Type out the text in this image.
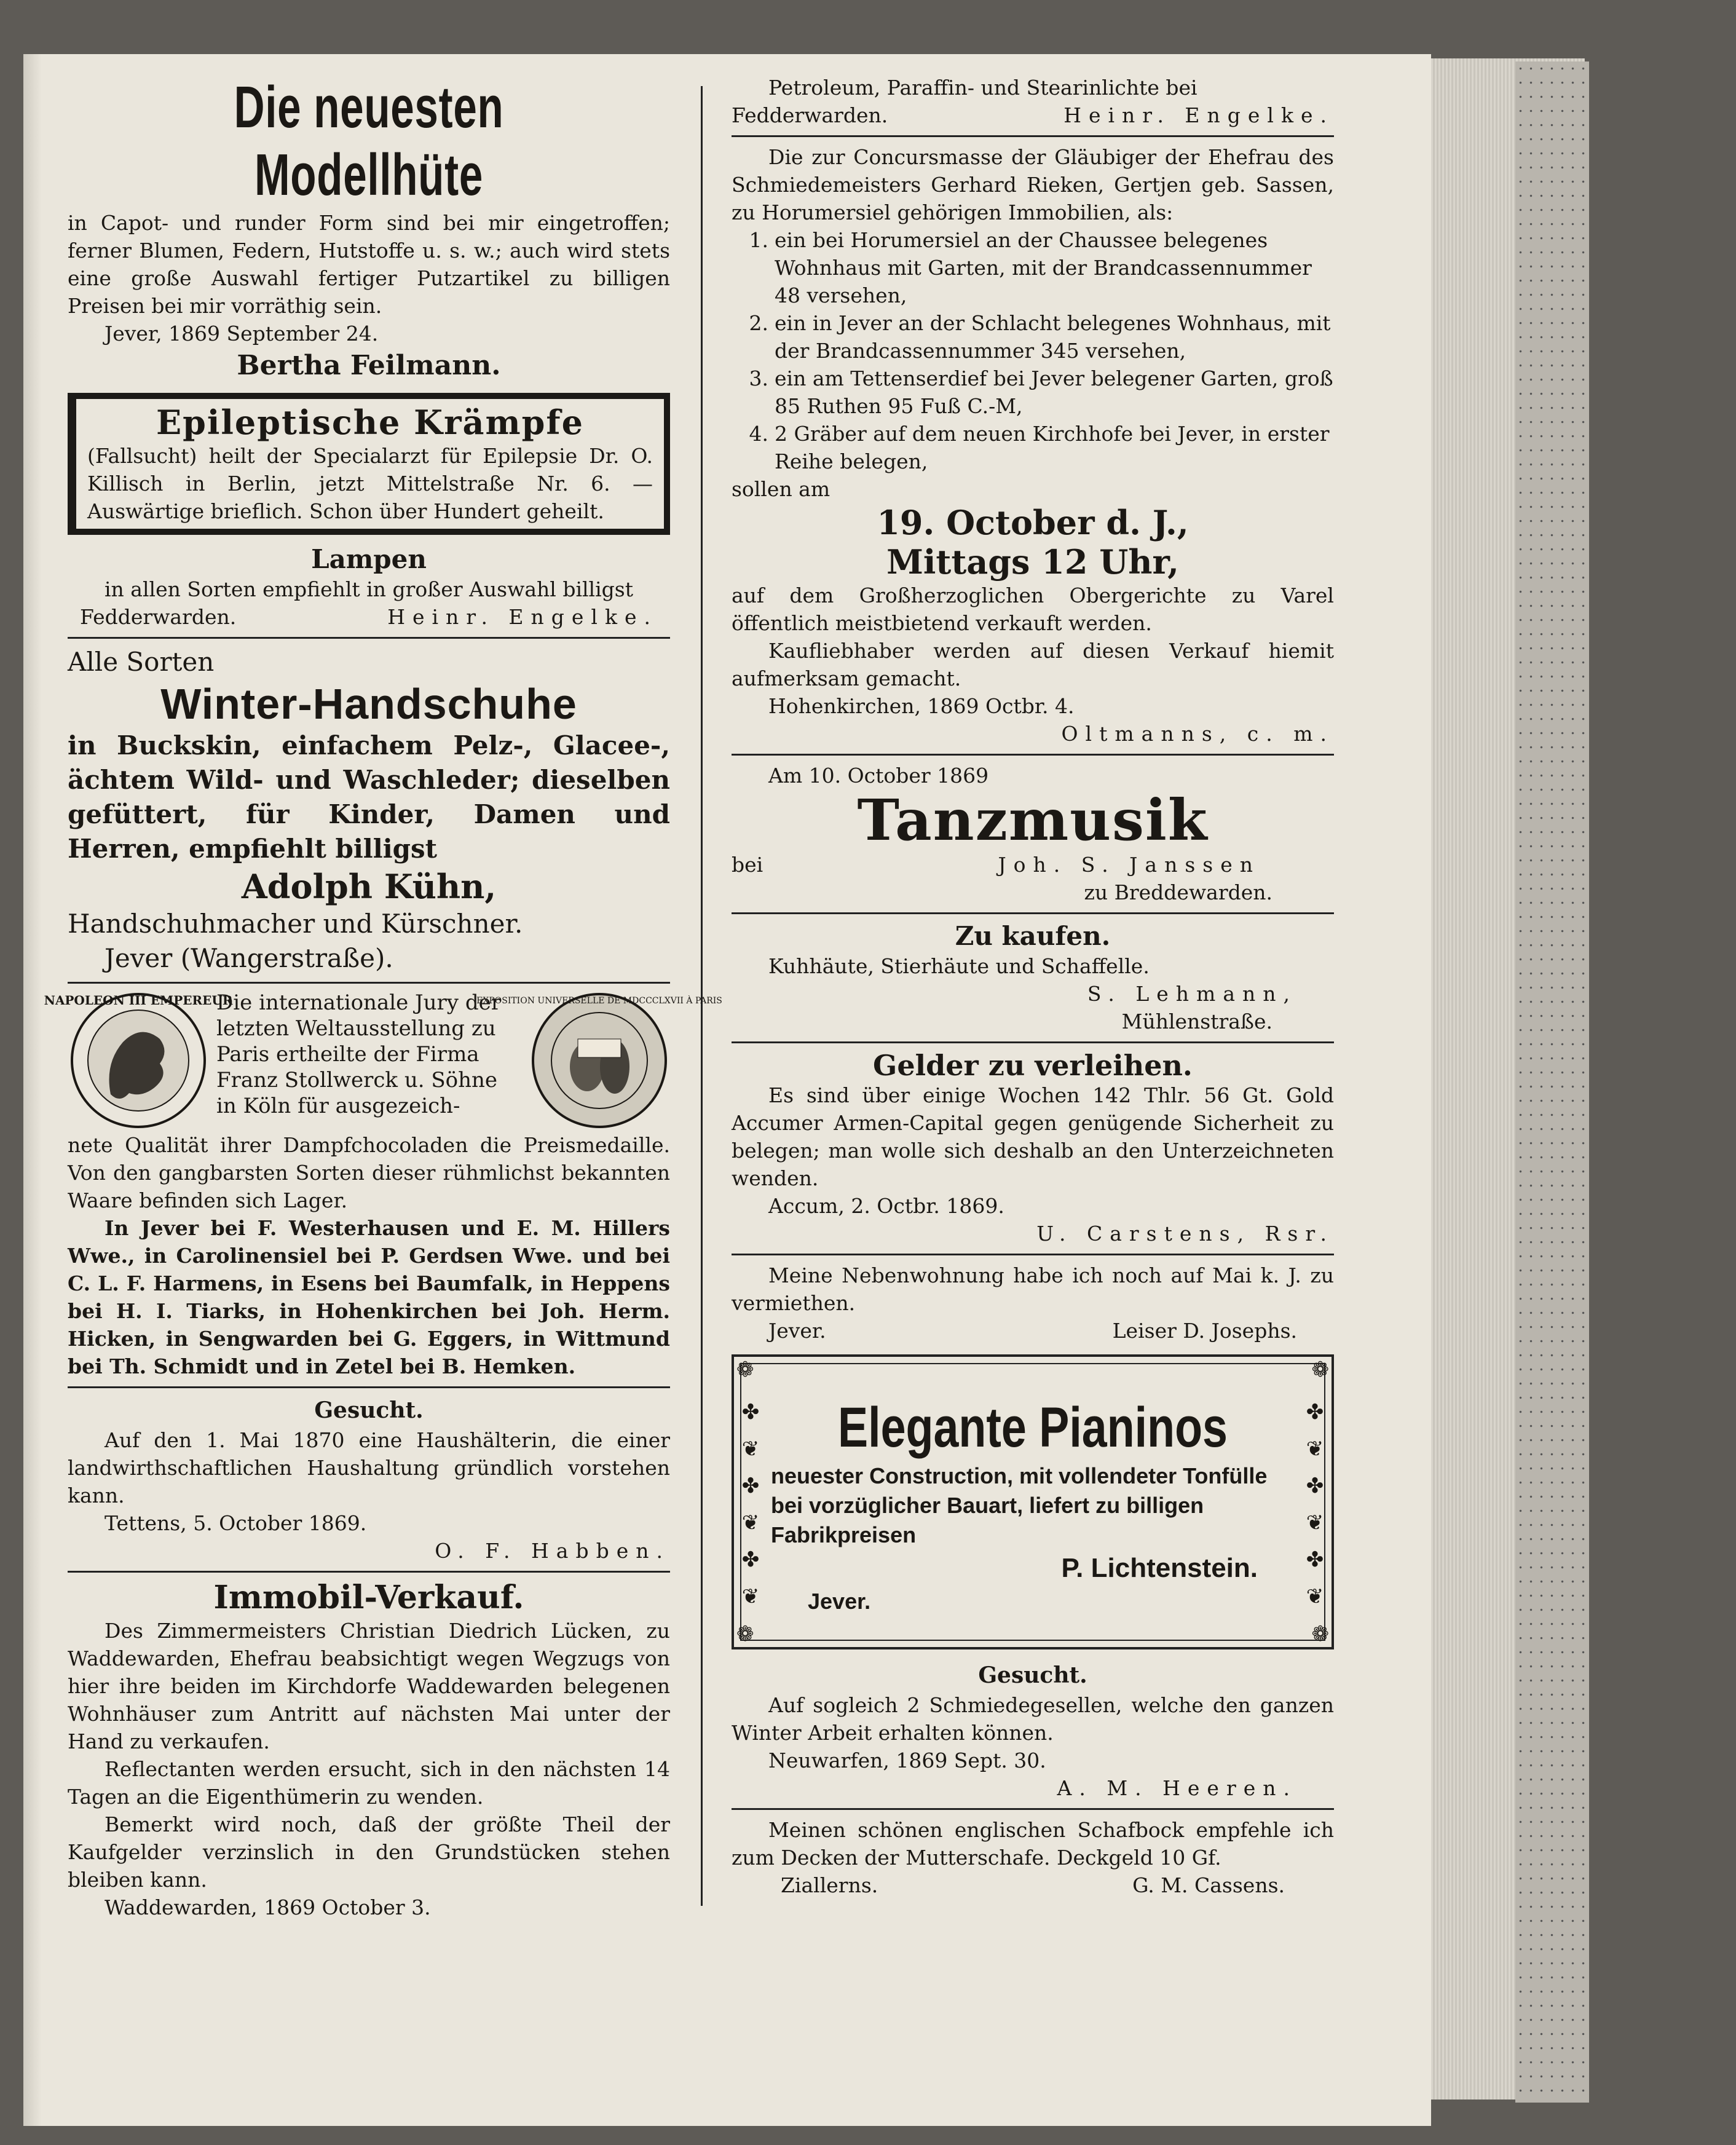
Die neuesten Modellhüte

in Capot- und runder Form sind bei mir eingetroffen; ferner Blumen, Federn, Hutstoffe u. s. w.; auch wird stets eine große Auswahl fertiger Putzartikel zu billigen Preisen bei mir vorräthig sein.

Jever, 1869 September 24.

Bertha Feilmann.

Epileptische Krämpfe

(Fallsucht) heilt der Specialarzt für Epilepsie Dr. O. Killisch in Berlin, jetzt Mittelstraße Nr. 6. — Auswärtige brieflich. Schon über Hundert geheilt.

Lampen

in allen Sorten empfiehlt in großer Auswahl billigst

Fedderwarden.	Heinr. Engelke.

Alle Sorten

Winter-Handschuhe

in Buckskin, einfachem Pelz-, Glacee-, ächtem Wild- und Waschleder; dieselben gefüttert, für Kinder, Damen und Herren, empfiehlt billigst

Adolph Kühn,

Handschuhmacher und Kürschner.

Jever (Wangerstraße).

NAPOLEON III EMPEREUR
Die internationale Jury der letzten Weltausstellung zu Paris ertheilte der Firma Franz Stollwerck u. Söhne in Köln für ausgezeich-
EXPOSITION UNIVERSELLE DE MDCCCLXVII À PARIS

nete Qualität ihrer Dampfchocoladen die Preismedaille. Von den gangbarsten Sorten dieser rühmlichst bekannten Waare befinden sich Lager.

In Jever bei F. Westerhausen und E. M. Hillers Wwe., in Carolinensiel bei P. Gerdsen Wwe. und bei C. L. F. Harmens, in Esens bei Baumfalk, in Heppens bei H. I. Tiarks, in Hohenkirchen bei Joh. Herm. Hicken, in Sengwarden bei G. Eggers, in Wittmund bei Th. Schmidt und in Zetel bei B. Hemken.

Gesucht.

Auf den 1. Mai 1870 eine Haushälterin, die einer landwirthschaftlichen Haushaltung gründlich vorstehen kann.

Tettens, 5. October 1869.

O. F. Habben.

Immobil-Verkauf.

Des Zimmermeisters Christian Diedrich Lücken, zu Waddewarden, Ehefrau beabsichtigt wegen Wegzugs von hier ihre beiden im Kirchdorfe Waddewarden belegenen Wohnhäuser zum Antritt auf nächsten Mai unter der Hand zu verkaufen.

Reflectanten werden ersucht, sich in den nächsten 14 Tagen an die Eigenthümerin zu wenden.

Bemerkt wird noch, daß der größte Theil der Kaufgelder verzinslich in den Grundstücken stehen bleiben kann.

Waddewarden, 1869 October 3.

Petroleum, Paraffin- und Stearinlichte bei

Fedderwarden.	Heinr. Engelke.

Die zur Concursmasse der Gläubiger der Ehefrau des Schmiedemeisters Gerhard Rieken, Gertjen geb. Sassen, zu Horumersiel gehörigen Immobilien, als:

1. ein bei Horumersiel an der Chaussee belegenes Wohnhaus mit Garten, mit der Brandcassennummer 48 versehen,
2. ein in Jever an der Schlacht belegenes Wohnhaus, mit der Brandcassennummer 345 versehen,
3. ein am Tettenserdief bei Jever belegener Garten, groß 85 Ruthen 95 Fuß C.-M,
4. 2 Gräber auf dem neuen Kirchhofe bei Jever, in erster Reihe belegen,

sollen am

19. October d. J.,

Mittags 12 Uhr,

auf dem Großherzoglichen Obergerichte zu Varel öffentlich meistbietend verkauft werden.

Kaufliebhaber werden auf diesen Verkauf hiemit aufmerksam gemacht.

Hohenkirchen, 1869 Octbr. 4.

Oltmanns, c. m.

Am 10. October 1869

Tanzmusik

bei	Joh. S. Janssen

zu Breddewarden.

Zu kaufen.

Kuhhäute, Stierhäute und Schaffelle.

S. Lehmann,

Mühlenstraße.

Gelder zu verleihen.

Es sind über einige Wochen 142 Thlr. 56 Gt. Gold Accumer Armen-Capital gegen genügende Sicherheit zu belegen; man wolle sich deshalb an den Unterzeichneten wenden.

Accum, 2. Octbr. 1869.

U. Carstens, Rsr.

Meine Nebenwohnung habe ich noch auf Mai k. J. zu vermiethen.

Jever.	Leiser D. Josephs.
❁	❁
❁	❁
✤
❦
✤
❦
✤
❦
✤
❦
✤
❦
✤
❦

Elegante Pianinos

neuester Construction, mit vollendeter Tonfülle bei vorzüglicher Bauart, liefert zu billigen Fabrikpreisen

P. Lichtenstein.

Jever.

Gesucht.

Auf sogleich 2 Schmiedegesellen, welche den ganzen Winter Arbeit erhalten können.

Neuwarfen, 1869 Sept. 30.

A. M. Heeren.

Meinen schönen englischen Schafbock empfehle ich zum Decken der Mutterschafe. Deckgeld 10 Gf.

Ziallerns.	G. M. Cassens.
